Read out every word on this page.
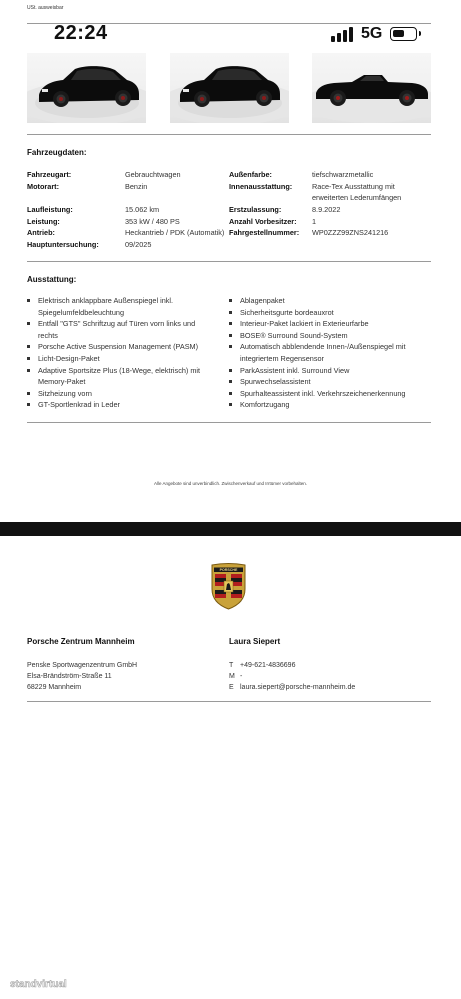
USt. ausweisbar
22:24	5G
Fahrzeugdaten:
Fahrzeugart:	Gebrauchtwagen
Motorart:	Benzin
Laufleistung:	15.062 km
Leistung:	353 kW / 480 PS
Antrieb:	Heckantrieb / PDK (Automatik)
Hauptuntersuchung:	09/2025
Außenfarbe:	tiefschwarzmetallic
Innenausstattung:	Race-Tex Ausstattung mit
erweiterten Lederumfängen
Erstzulassung:	8.9.2022
Anzahl Vorbesitzer: 1
Fahrgestellnummer: WP0ZZZ99ZNS241216
Ausstattung:
Elektrisch anklappbare Außenspiegel inkl.
Spiegelumfeldbeleuchtung
Entfall "GTS" Schriftzug auf Türen vorn links und
rechts
Porsche Active Suspension Management (PASM)
Licht-Design-Paket
Adaptive Sportsitze Plus (18-Wege, elektrisch) mit
Memory-Paket
Sitzheizung vorn
GT-Sportlenkrad in Leder
Ablagenpaket
Sicherheitsgurte bordeauxrot
Interieur-Paket lackiert in Exterieurfarbe
BOSE® Surround Sound-System
Automatisch abblendende Innen-/Außenspiegel mit
integriertem Regensensor
ParkAssistent inkl. Surround View
Spurwechselassistent
Spurhalteassistent inkl. Verkehrszeichenerkennung
Komfortzugang
Alle Angebote sind unverbindlich. Zwischenverkauf und Irrtümer vorbehalten.
PORSCHE
Porsche Zentrum Mannheim	Laura Siepert
Penske Sportwagenzentrum GmbH
Elsa-Brändström-Straße 11
68229 Mannheim
T +49-621-4836696
M -
E laura.siepert@porsche-mannheim.de
standvirtual
